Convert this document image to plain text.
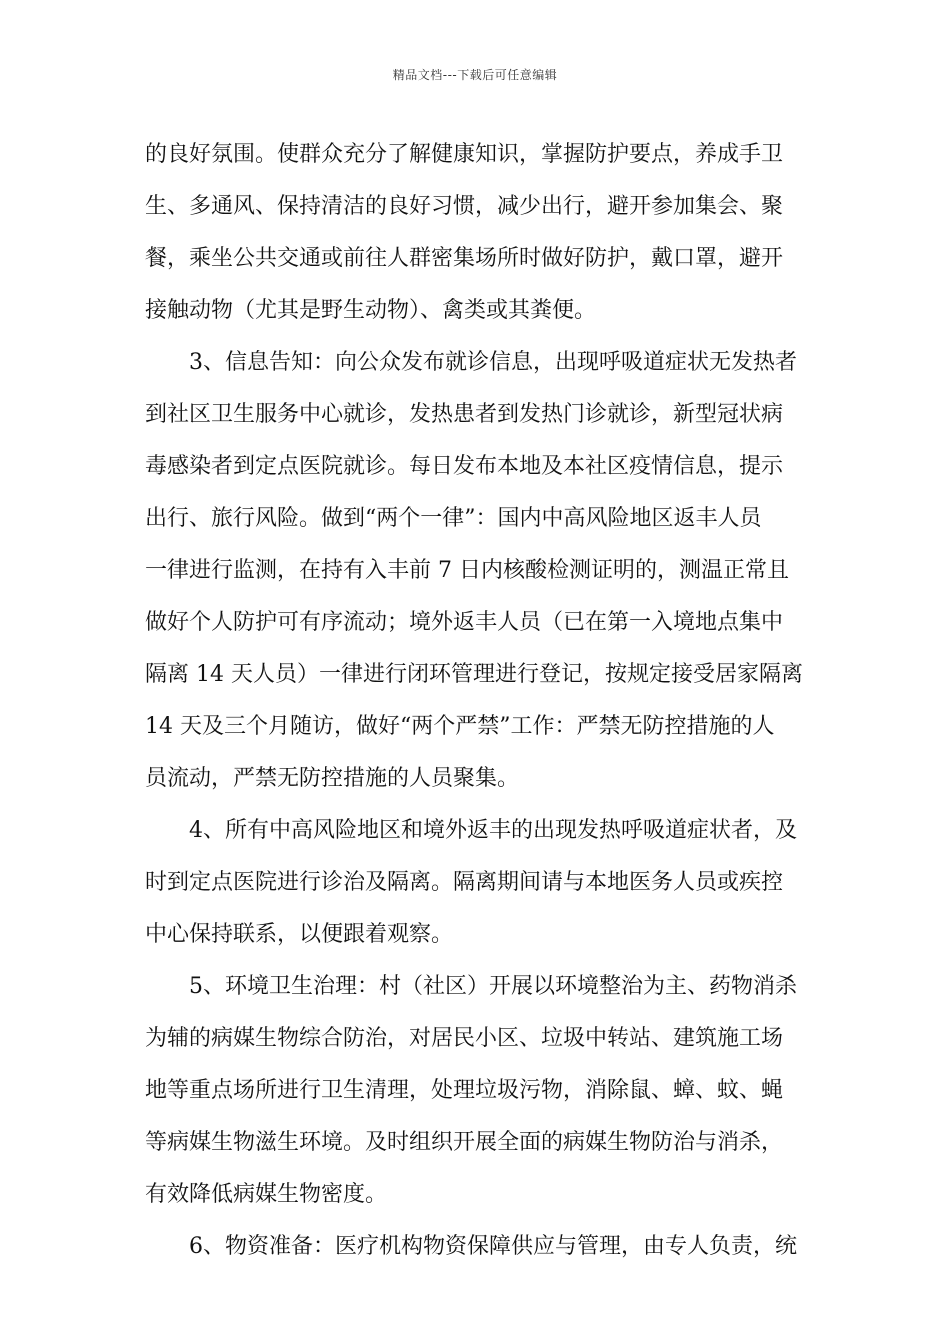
精品文档---下载后可任意编辑
的良好氛围。使群众充分了解健康知识，掌握防护要点，养成手卫
生、多通风、保持清洁的良好习惯，减少出行，避开参加集会、聚
餐，乘坐公共交通或前往人群密集场所时做好防护，戴口罩，避开
接触动物（尤其是野生动物）、禽类或其粪便。
3、信息告知：向公众发布就诊信息，出现呼吸道症状无发热者
到社区卫生服务中心就诊，发热患者到发热门诊就诊，新型冠状病
毒感染者到定点医院就诊。每日发布本地及本社区疫情信息，提示
出行、旅行风险。做到“两个一律”：国内中高风险地区返丰人员
一律进行监测，在持有入丰前 7 日内核酸检测证明的，测温正常且
做好个人防护可有序流动；境外返丰人员（已在第一入境地点集中
隔离 14 天人员）一律进行闭环管理进行登记，按规定接受居家隔离
14 天及三个月随访，做好“两个严禁”工作：严禁无防控措施的人
员流动，严禁无防控措施的人员聚集。
4、所有中高风险地区和境外返丰的出现发热呼吸道症状者，及
时到定点医院进行诊治及隔离。隔离期间请与本地医务人员或疾控
中心保持联系，以便跟着观察。
5、环境卫生治理：村（社区）开展以环境整治为主、药物消杀
为辅的病媒生物综合防治，对居民小区、垃圾中转站、建筑施工场
地等重点场所进行卫生清理，处理垃圾污物，消除鼠、蟑、蚊、蝇
等病媒生物滋生环境。及时组织开展全面的病媒生物防治与消杀，
有效降低病媒生物密度。
6、物资准备：医疗机构物资保障供应与管理，由专人负责，统
